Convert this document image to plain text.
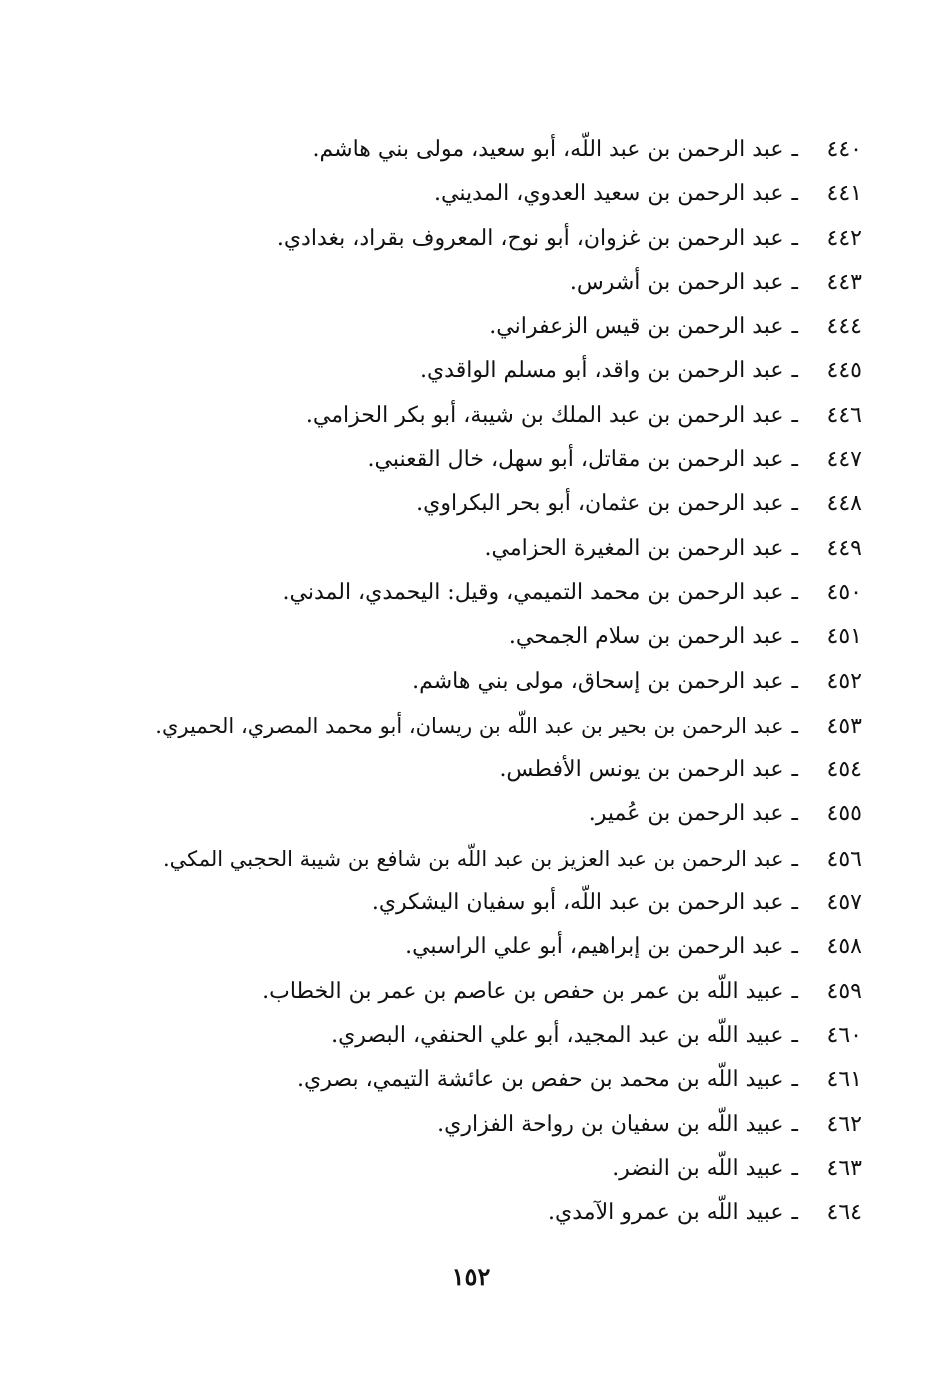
٤٤٠ـعبد الرحمن بن عبد اللّه، أبو سعيد، مولى بني هاشم.
٤٤١ـعبد الرحمن بن سعيد العدوي، المديني.
٤٤٢ـعبد الرحمن بن غزوان، أبو نوح، المعروف بقراد، بغدادي.
٤٤٣ـعبد الرحمن بن أشرس.
٤٤٤ـعبد الرحمن بن قيس الزعفراني.
٤٤٥ـعبد الرحمن بن واقد، أبو مسلم الواقدي.
٤٤٦ـعبد الرحمن بن عبد الملك بن شيبة، أبو بكر الحزامي.
٤٤٧ـعبد الرحمن بن مقاتل، أبو سهل، خال القعنبي.
٤٤٨ـعبد الرحمن بن عثمان، أبو بحر البكراوي.
٤٤٩ـعبد الرحمن بن المغيرة الحزامي.
٤٥٠ـعبد الرحمن بن محمد التميمي، وقيل: اليحمدي، المدني.
٤٥١ـعبد الرحمن بن سلام الجمحي.
٤٥٢ـعبد الرحمن بن إسحاق، مولى بني هاشم.
٤٥٣ـعبد الرحمن بن بحير بن عبد اللّه بن ريسان، أبو محمد المصري، الحميري.
٤٥٤ـعبد الرحمن بن يونس الأفطس.
٤٥٥ـعبد الرحمن بن عُمير.
٤٥٦ـعبد الرحمن بن عبد العزيز بن عبد اللّه بن شافع بن شيبة الحجبي المكي.
٤٥٧ـعبد الرحمن بن عبد اللّه، أبو سفيان اليشكري.
٤٥٨ـعبد الرحمن بن إبراهيم، أبو علي الراسبي.
٤٥٩ـعبيد اللّه بن عمر بن حفص بن عاصم بن عمر بن الخطاب.
٤٦٠ـعبيد اللّه بن عبد المجيد، أبو علي الحنفي، البصري.
٤٦١ـعبيد اللّه بن محمد بن حفص بن عائشة التيمي، بصري.
٤٦٢ـعبيد اللّه بن سفيان بن رواحة الفزاري.
٤٦٣ـعبيد اللّه بن النضر.
٤٦٤ـعبيد اللّه بن عمرو الآمدي.
١٥٢
